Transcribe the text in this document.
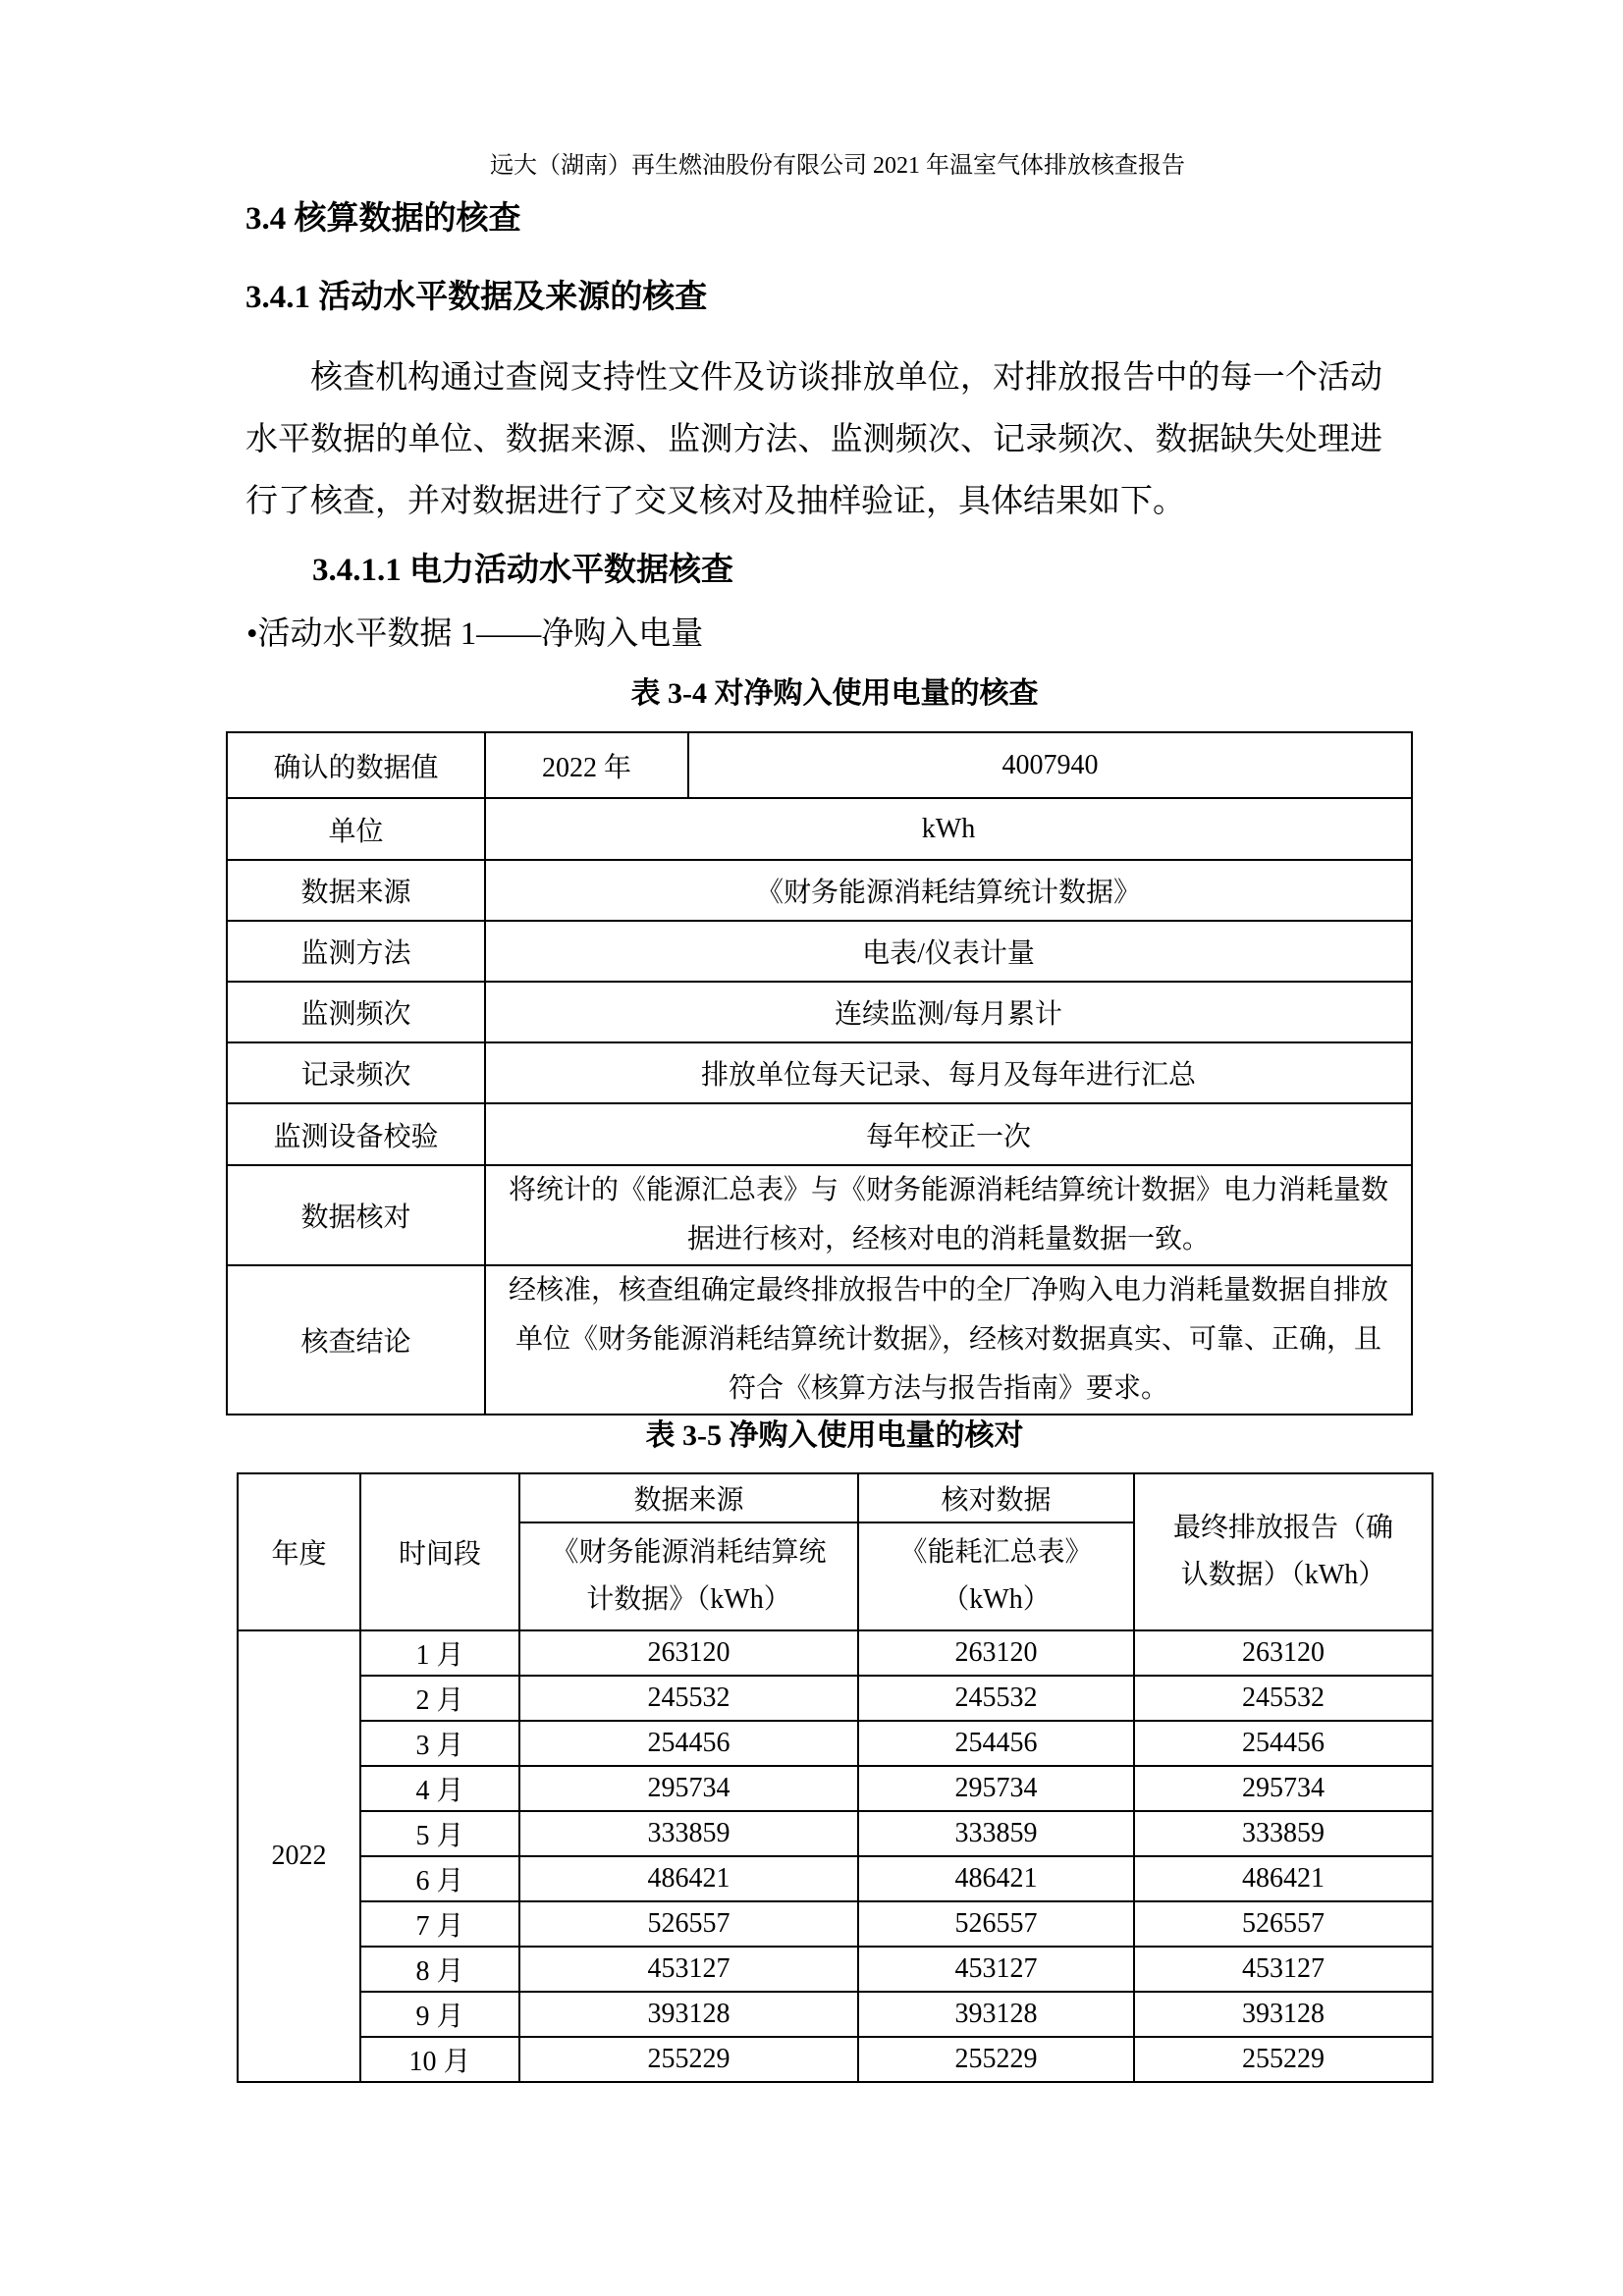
远大（湖南）再生燃油股份有限公司 2021 年温室气体排放核查报告
3.4 核算数据的核查
3.4.1 活动水平数据及来源的核查
核查机构通过查阅支持性文件及访谈排放单位，对排放报告中的每一个活动水平数据的单位、数据来源、监测方法、监测频次、记录频次、数据缺失处理进行了核查，并对数据进行了交叉核对及抽样验证，具体结果如下。
3.4.1.1 电力活动水平数据核查
•活动水平数据 1——净购入电量
表 3-4 对净购入使用电量的核查
确认的数据值	2022 年	4007940
单位	kWh	
数据来源	《财务能源消耗结算统计数据》	
监测方法	电表/仪表计量	
监测频次	连续监测/每月累计	
记录频次	排放单位每天记录、每月及每年进行汇总	
监测设备校验	每年校正一次	
数据核对	将统计的《能源汇总表》与《财务能源消耗结算统计数据》电力消耗量数
据进行核对，经核对电的消耗量数据一致。	
核查结论	经核准，核查组确定最终排放报告中的全厂净购入电力消耗量数据自排放
单位《财务能源消耗结算统计数据》，经核对数据真实、可靠、正确，且
符合《核算方法与报告指南》要求。	
表 3-5 净购入使用电量的核对
年度	时间段	数据来源	核对数据	最终排放报告（确
认数据）（kWh）
		《财务能源消耗结算统
计数据》（kWh）	《能耗汇总表》
（kWh）	
2022	1 月	263120	263120	263120
	2 月	245532	245532	245532
	3 月	254456	254456	254456
	4 月	295734	295734	295734
	5 月	333859	333859	333859
	6 月	486421	486421	486421
	7 月	526557	526557	526557
	8 月	453127	453127	453127
	9 月	393128	393128	393128
	10 月	255229	255229	255229
